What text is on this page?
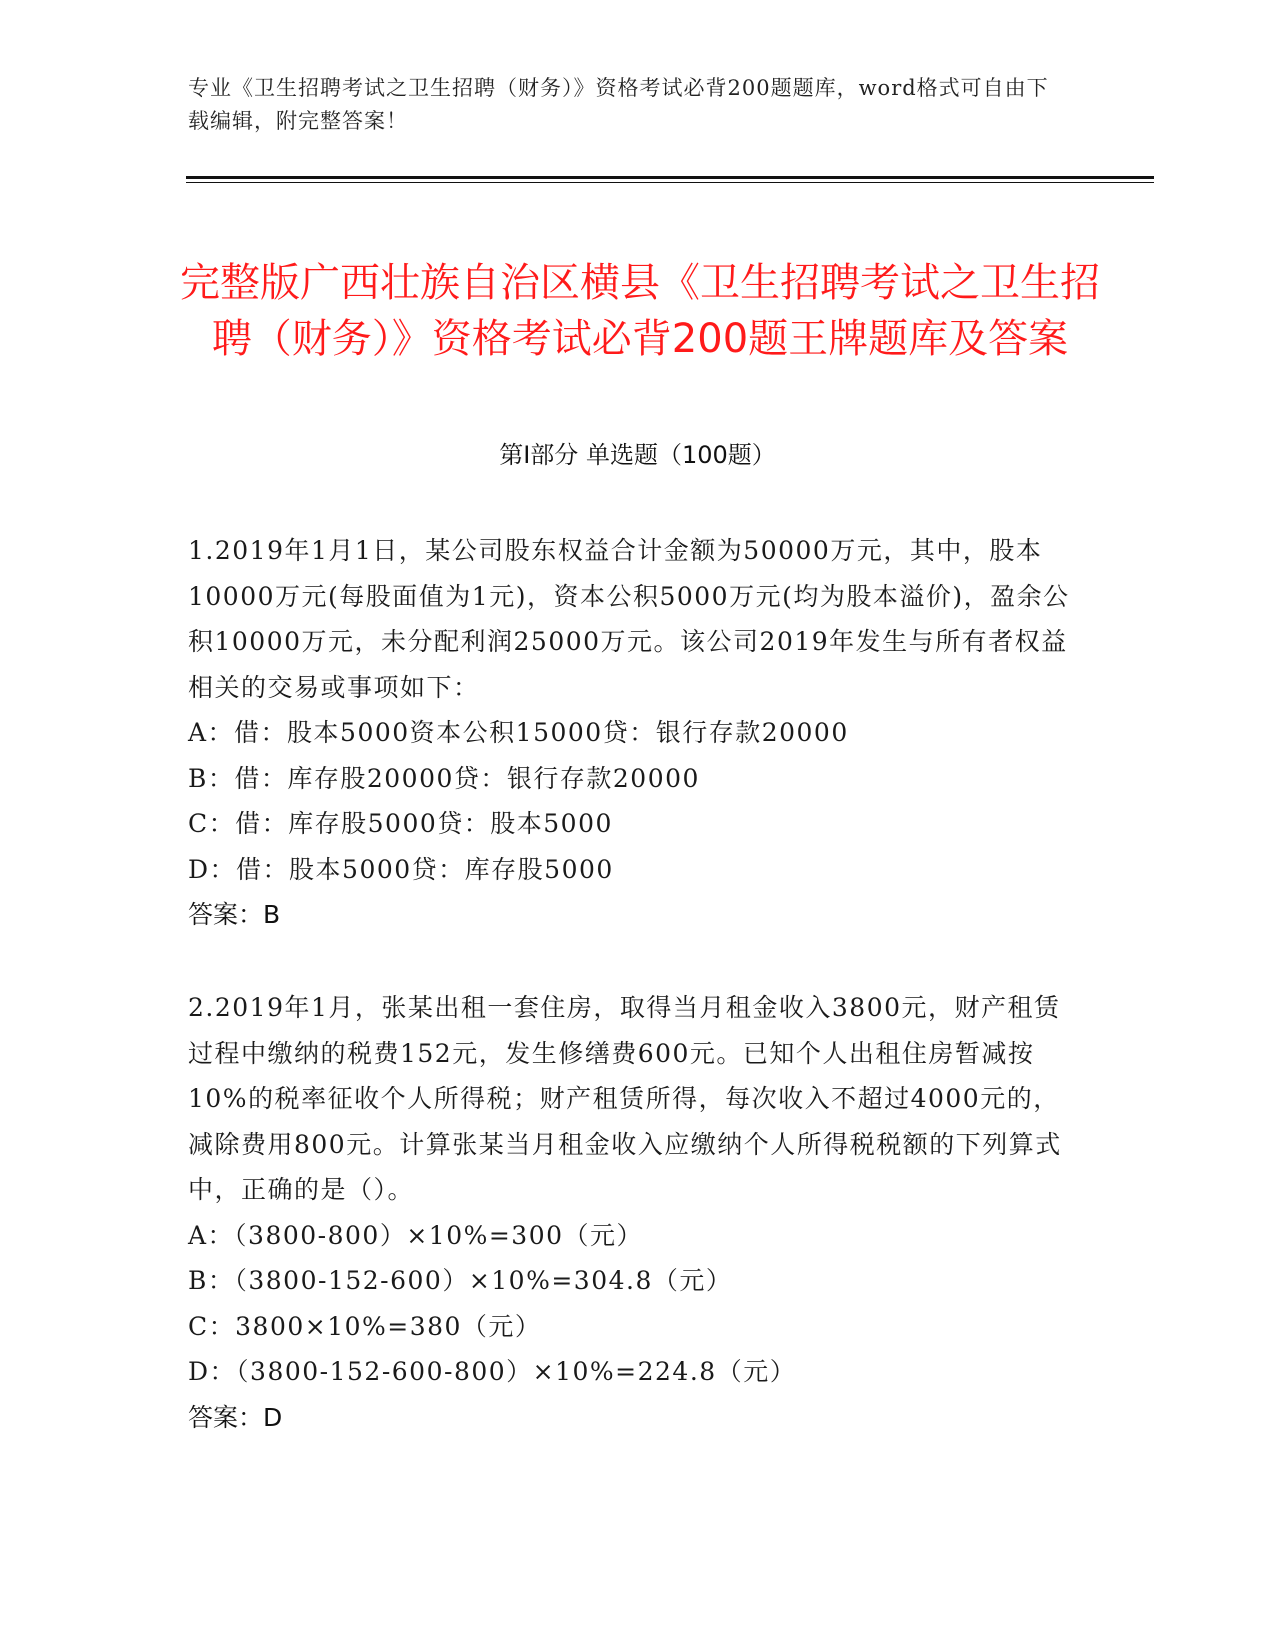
专业《卫生招聘考试之卫生招聘（财务）》资格考试必背200题题库，word格式可自由下载编辑，附完整答案！
完整版广西壮族自治区横县《卫生招聘考试之卫生招聘（财务）》资格考试必背200题王牌题库及答案
第I部分 单选题（100题）

1.2019年1月1日，某公司股东权益合计金额为50000万元，其中，股本10000万元(每股面值为1元)，资本公积5000万元(均为股本溢价)，盈余公积10000万元，未分配利润25000万元。该公司2019年发生与所有者权益相关的交易或事项如下：

A：借：股本5000资本公积15000贷：银行存款20000

B：借：库存股20000贷：银行存款20000

C：借：库存股5000贷：股本5000

D：借：股本5000贷：库存股5000

答案：B

2.2019年1月，张某出租一套住房，取得当月租金收入3800元，财产租赁过程中缴纳的税费152元，发生修缮费600元。已知个人出租住房暂减按10%的税率征收个人所得税；财产租赁所得，每次收入不超过4000元的，减除费用800元。计算张某当月租金收入应缴纳个人所得税税额的下列算式中，正确的是（）。

A：（3800-800）×10%=300（元）

B：（3800-152-600）×10%=304.8（元）

C：3800×10%=380（元）

D：（3800-152-600-800）×10%=224.8（元）

答案：D
